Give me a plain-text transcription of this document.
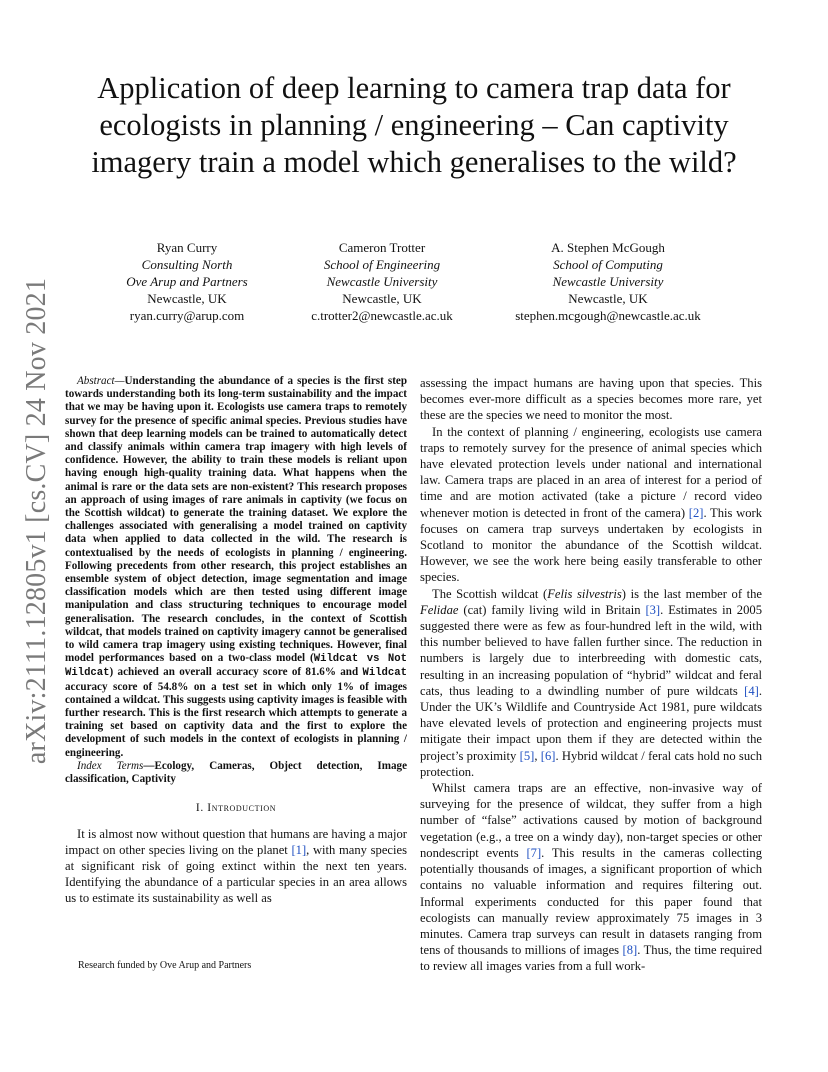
arXiv:2111.12805v1 [cs.CV] 24 Nov 2021
Application of deep learning to camera trap data for ecologists in planning / engineering – Can captivity imagery train a model which generalises to the wild?
Ryan Curry
Consulting North
Ove Arup and Partners
Newcastle, UK
ryan.curry@arup.com
Cameron Trotter
School of Engineering
Newcastle University
Newcastle, UK
c.trotter2@newcastle.ac.uk
A. Stephen McGough
School of Computing
Newcastle University
Newcastle, UK
stephen.mcgough@newcastle.ac.uk

Abstract—Understanding the abundance of a species is the first step towards understanding both its long-term sustainability and the impact that we may be having upon it. Ecologists use camera traps to remotely survey for the presence of specific animal species. Previous studies have shown that deep learning models can be trained to automatically detect and classify animals within camera trap imagery with high levels of confidence. However, the ability to train these models is reliant upon having enough high-quality training data. What happens when the animal is rare or the data sets are non-existent? This research proposes an approach of using images of rare animals in captivity (we focus on the Scottish wildcat) to generate the training dataset. We explore the challenges associated with generalising a model trained on captivity data when applied to data collected in the wild. The research is contextualised by the needs of ecologists in planning / engineering. Following precedents from other research, this project establishes an ensemble system of object detection, image segmentation and image classification models which are then tested using different image manipulation and class structuring techniques to encourage model generalisation. The research concludes, in the context of Scottish wildcat, that models trained on captivity imagery cannot be generalised to wild camera trap imagery using existing techniques. However, final model performances based on a two-class model (Wildcat vs Not Wildcat) achieved an overall accuracy score of 81.6% and Wildcat accuracy score of 54.8% on a test set in which only 1% of images contained a wildcat. This suggests using captivity images is feasible with further research. This is the first research which attempts to generate a training set based on captivity data and the first to explore the development of such models in the context of ecologists in planning / engineering.

Index Terms—Ecology, Cameras, Object detection, Image classification, Captivity

I. Introduction

It is almost now without question that humans are having a major impact on other species living on the planet [1], with many species at significant risk of going extinct within the next ten years. Identifying the abundance of a particular species in an area allows us to estimate its sustainability as well as

Research funded by Ove Arup and Partners

assessing the impact humans are having upon that species. This becomes ever-more difficult as a species becomes more rare, yet these are the species we need to monitor the most.

In the context of planning / engineering, ecologists use camera traps to remotely survey for the presence of animal species which have elevated protection levels under national and international law. Camera traps are placed in an area of interest for a period of time and are motion activated (take a picture / record video whenever motion is detected in front of the camera) [2]. This work focuses on camera trap surveys undertaken by ecologists in Scotland to monitor the abundance of the Scottish wildcat. However, we see the work here being easily transferable to other species.

The Scottish wildcat (Felis silvestris) is the last member of the Felidae (cat) family living wild in Britain [3]. Estimates in 2005 suggested there were as few as four-hundred left in the wild, with this number believed to have fallen further since. The reduction in numbers is largely due to interbreeding with domestic cats, resulting in an increasing population of “hybrid” wildcat and feral cats, thus leading to a dwindling number of pure wildcats [4]. Under the UK’s Wildlife and Countryside Act 1981, pure wildcats have elevated levels of protection and engineering projects must mitigate their impact upon them if they are detected within the project’s proximity [5], [6]. Hybrid wildcat / feral cats hold no such protection.

Whilst camera traps are an effective, non-invasive way of surveying for the presence of wildcat, they suffer from a high number of “false” activations caused by motion of background vegetation (e.g., a tree on a windy day), non-target species or other nondescript events [7]. This results in the cameras collecting potentially thousands of images, a significant proportion of which contains no valuable information and requires filtering out. Informal experiments conducted for this paper found that ecologists can manually review approximately 75 images in 3 minutes. Camera trap surveys can result in datasets ranging from tens of thousands to millions of images [8]. Thus, the time required to review all images varies from a full work-
